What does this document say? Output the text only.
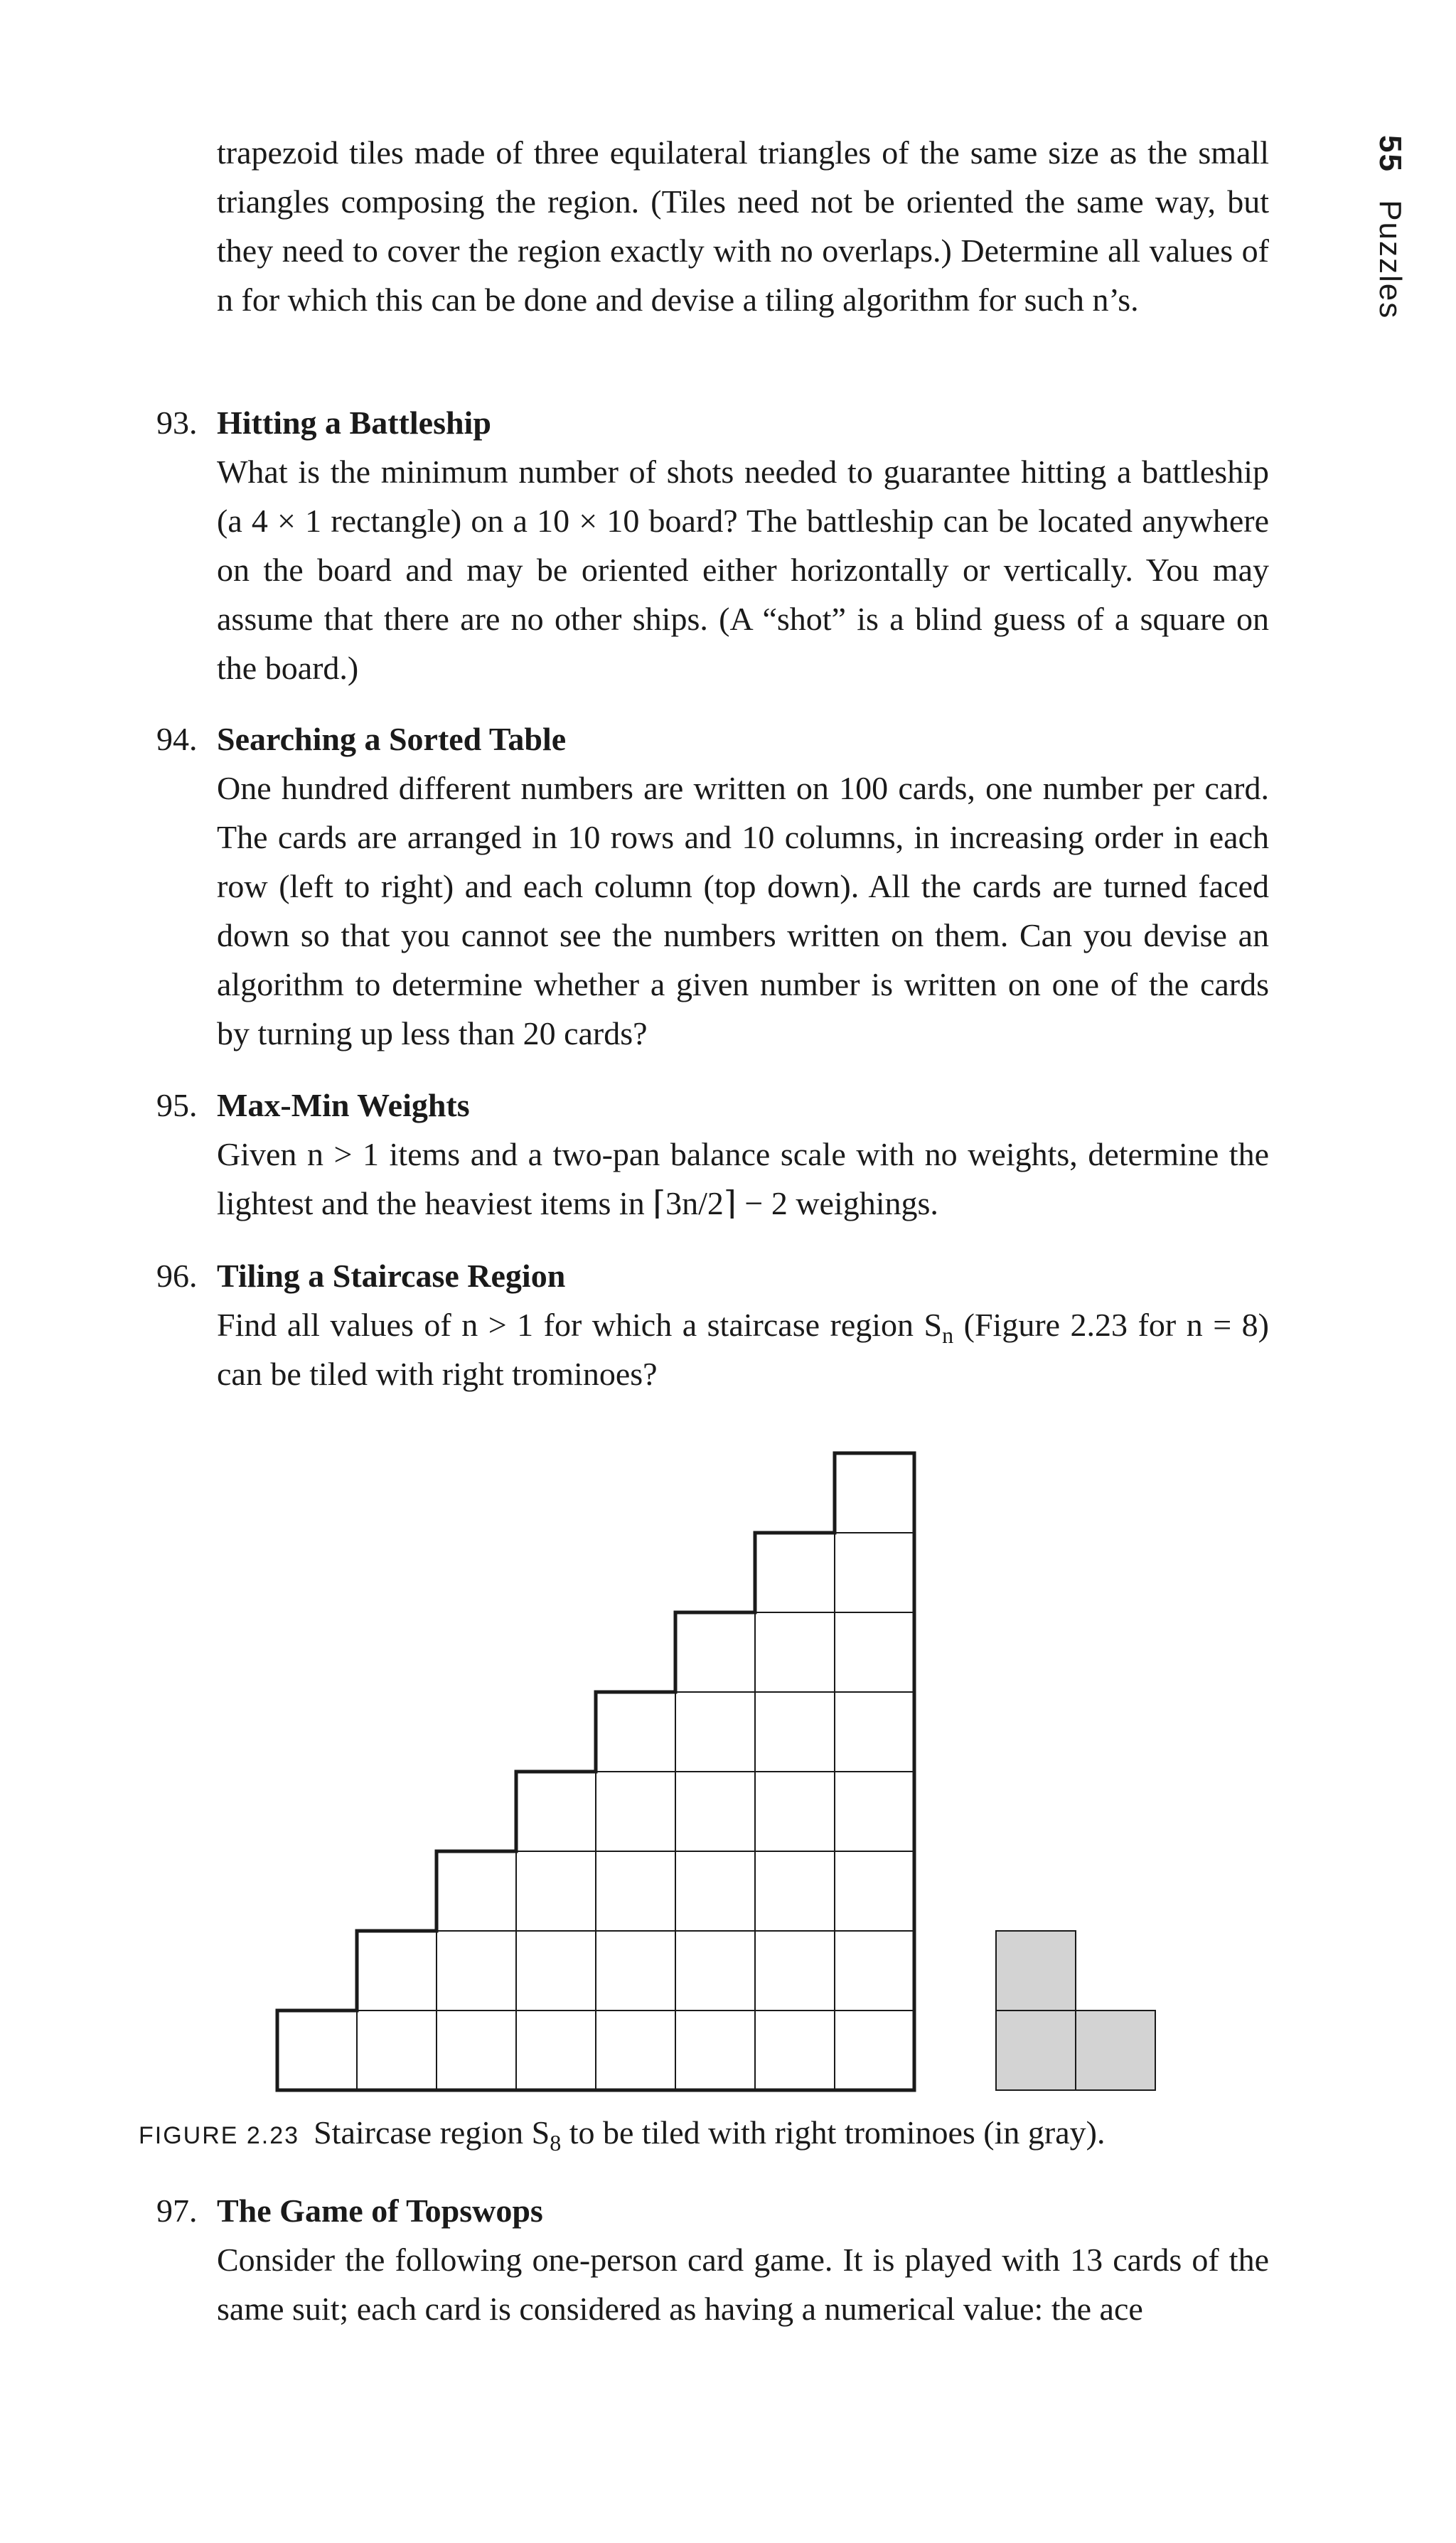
55 Puzzles

trapezoid tiles made of three equilateral triangles of the same size as the small triangles composing the region. (Tiles need not be oriented the same way, but they need to cover the region exactly with no overlaps.) Determine all values of n for which this can be done and devise a tiling algorithm for such n’s.

93. Hitting a Battleship

What is the minimum number of shots needed to guarantee hitting a battleship (a 4 × 1 rectangle) on a 10 × 10 board? The battleship can be located anywhere on the board and may be oriented either horizontally or vertically. You may assume that there are no other ships. (A “shot” is a blind guess of a square on the board.)

94. Searching a Sorted Table

One hundred different numbers are written on 100 cards, one number per card. The cards are arranged in 10 rows and 10 columns, in increasing order in each row (left to right) and each column (top down). All the cards are turned faced down so that you cannot see the numbers written on them. Can you devise an algorithm to determine whether a given number is written on one of the cards by turning up less than 20 cards?

95. Max-Min Weights

Given n > 1 items and a two-pan balance scale with no weights, determine the lightest and the heaviest items in ⌈3n/2⌉ − 2 weighings.

96. Tiling a Staircase Region

Find all values of n > 1 for which a staircase region $S_n$ (Figure 2.23 for n = 8) can be tiled with right trominoes?

FIGURE 2.23 Staircase region $S_8$ to be tiled with right trominoes (in gray).
97. The Game of Topswops

Consider the following one-person card game. It is played with 13 cards of the same suit; each card is considered as having a numerical value: the ace
